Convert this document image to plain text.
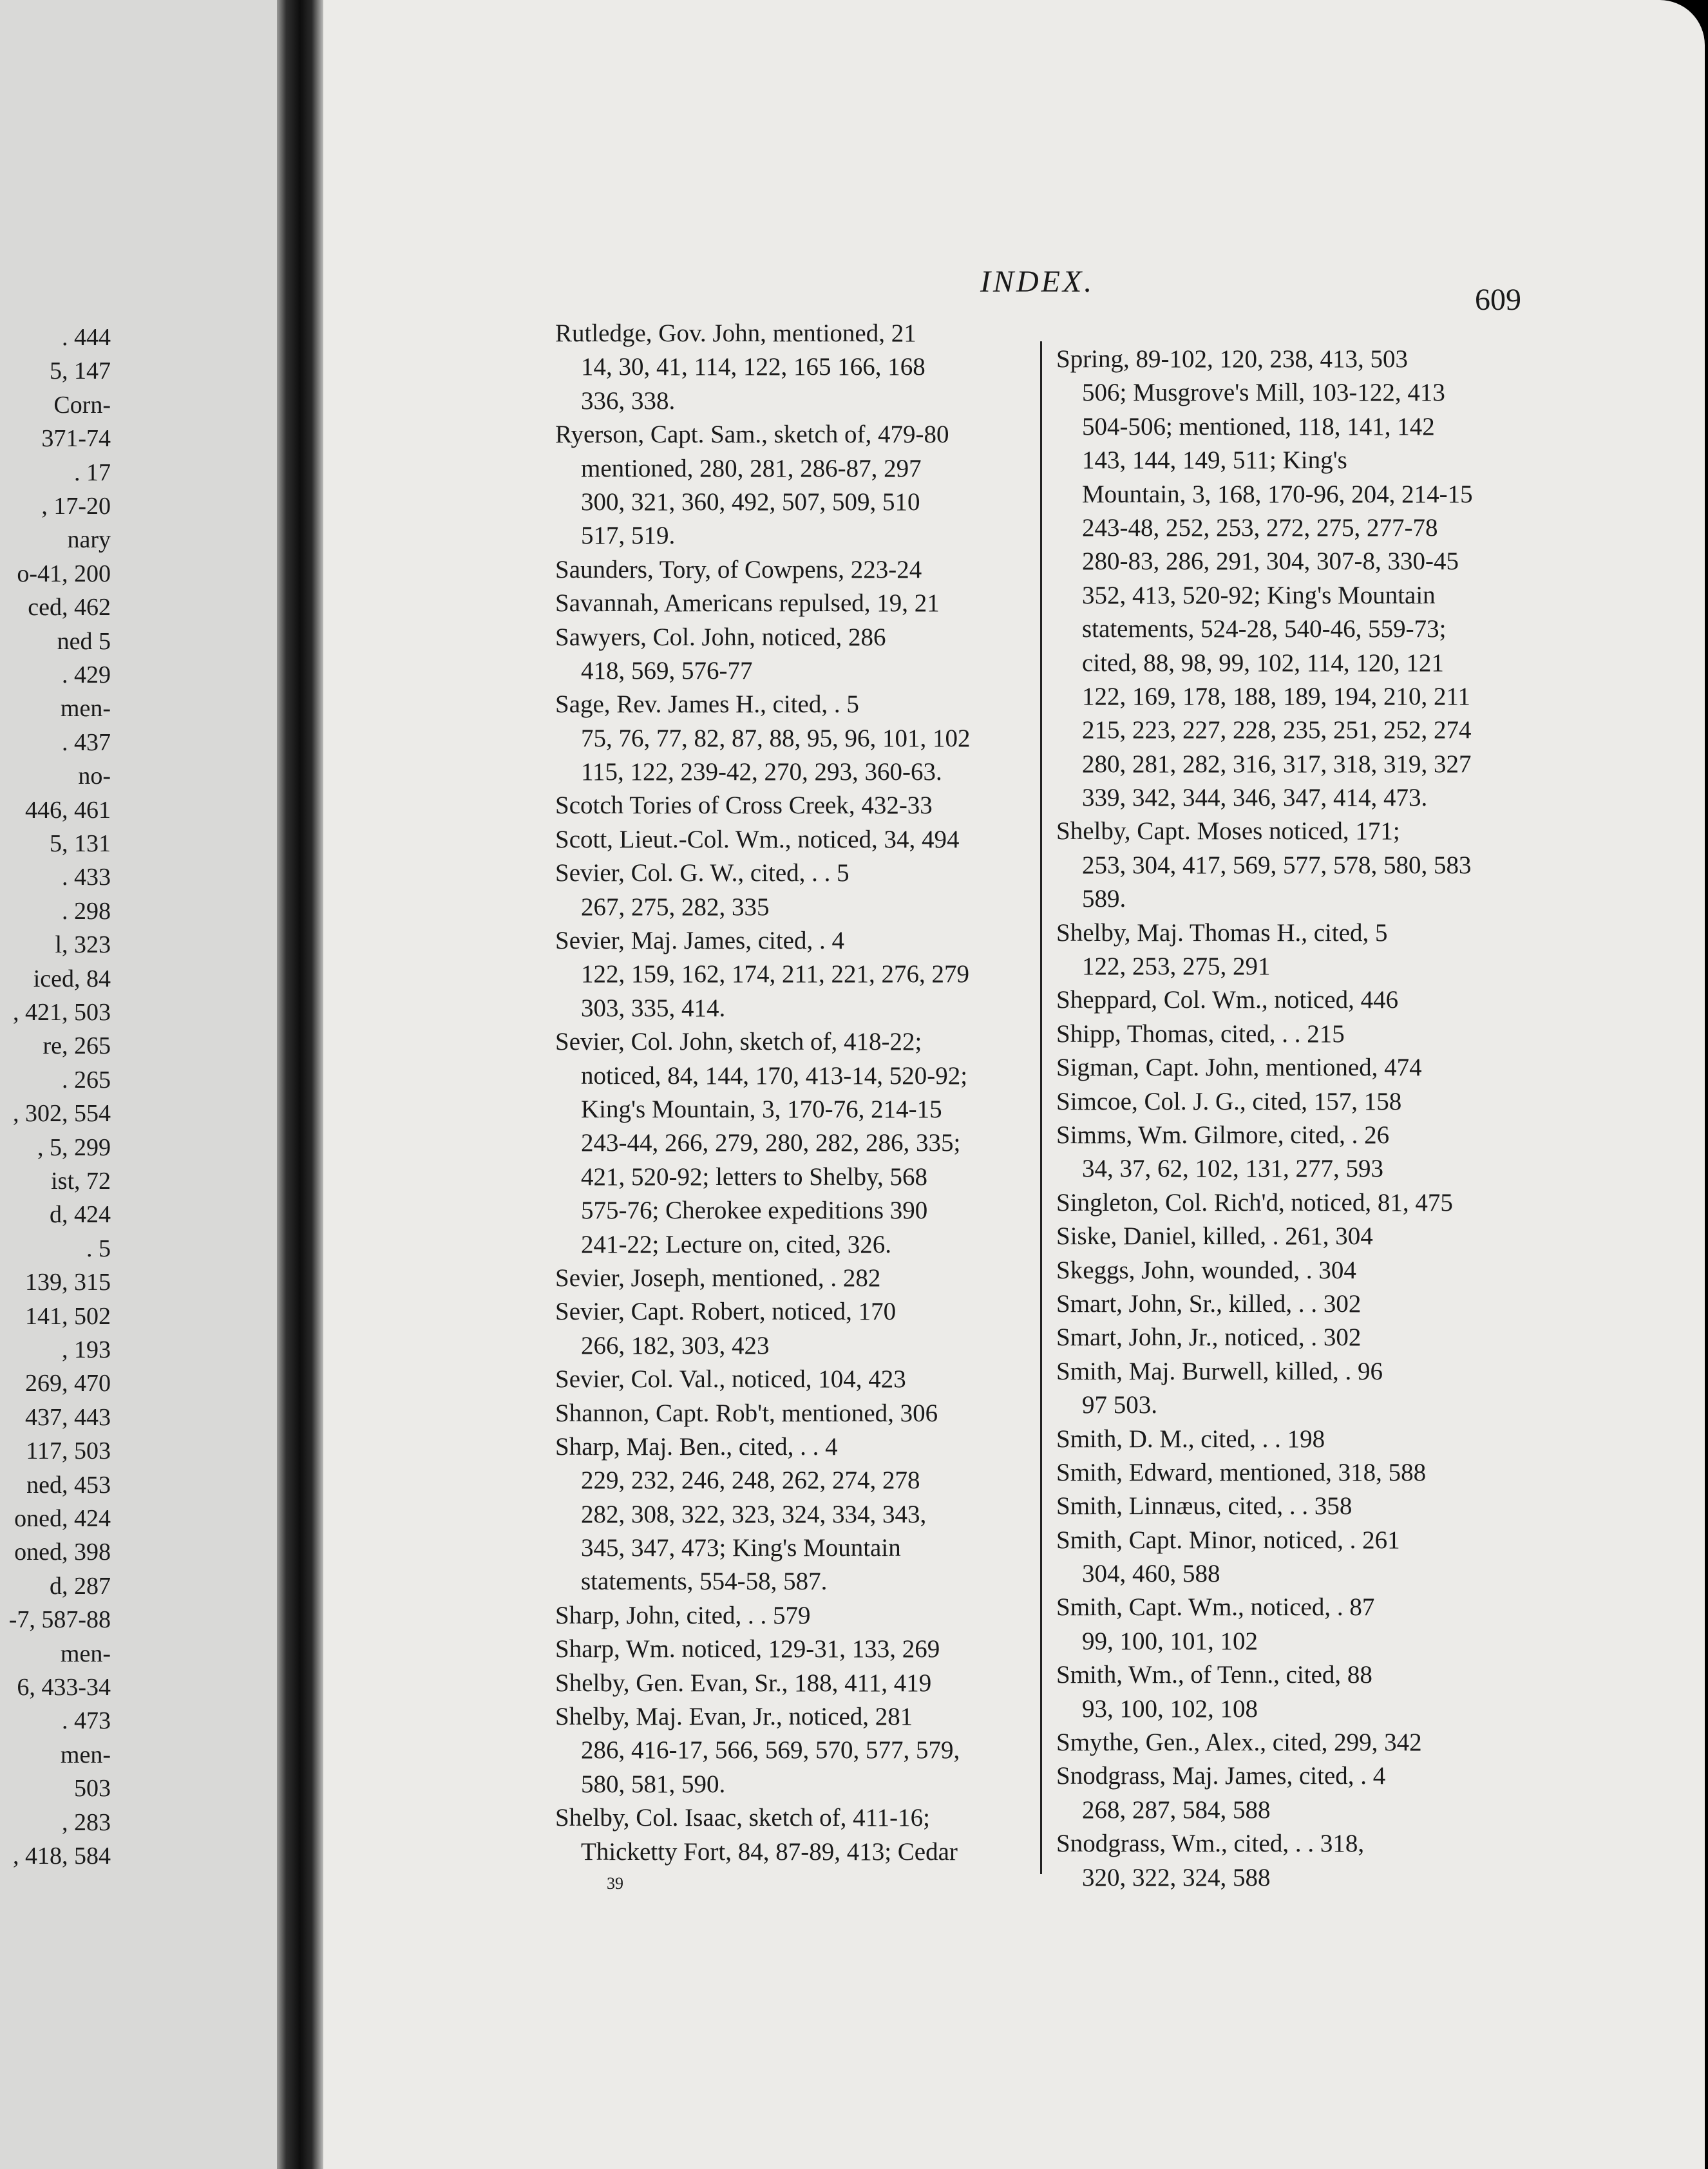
. 444
5, 147
Corn-
371-74
. 17
, 17-20
nary
o-41, 200
ced, 462
ned 5
. 429
men-
. 437
no-
446, 461
5, 131
. 433
. 298
l, 323
iced, 84
, 421, 503
re, 265
. 265
, 302, 554
, 5, 299
ist, 72
d, 424
. 5
139, 315
141, 502
, 193
269, 470
437, 443
117, 503
ned, 453
oned, 424
oned, 398
d, 287
-7, 587-88
men-
6, 433-34
. 473
men-
503
, 283
, 418, 584
INDEX.
609
Rutledge, Gov. John, mentioned, 21
14, 30, 41, 114, 122, 165 166, 168
336, 338.
Ryerson, Capt. Sam., sketch of, 479-80
mentioned, 280, 281, 286-87, 297
300, 321, 360, 492, 507, 509, 510
517, 519.
Saunders, Tory, of Cowpens, 223-24
Savannah, Americans repulsed, 19, 21
Sawyers, Col. John, noticed, 286
418, 569, 576-77
Sage, Rev. James H., cited, . 5
75, 76, 77, 82, 87, 88, 95, 96, 101, 102
115, 122, 239-42, 270, 293, 360-63.
Scotch Tories of Cross Creek, 432-33
Scott, Lieut.-Col. Wm., noticed, 34, 494
Sevier, Col. G. W., cited, . . 5
267, 275, 282, 335
Sevier, Maj. James, cited, . 4
122, 159, 162, 174, 211, 221, 276, 279
303, 335, 414.
Sevier, Col. John, sketch of, 418-22;
noticed, 84, 144, 170, 413-14, 520-92;
King's Mountain, 3, 170-76, 214-15
243-44, 266, 279, 280, 282, 286, 335;
421, 520-92; letters to Shelby, 568
575-76; Cherokee expeditions 390
241-22; Lecture on, cited, 326.
Sevier, Joseph, mentioned, . 282
Sevier, Capt. Robert, noticed, 170
266, 182, 303, 423
Sevier, Col. Val., noticed, 104, 423
Shannon, Capt. Rob't, mentioned, 306
Sharp, Maj. Ben., cited, . . 4
229, 232, 246, 248, 262, 274, 278
282, 308, 322, 323, 324, 334, 343,
345, 347, 473; King's Mountain
statements, 554-58, 587.
Sharp, John, cited, . . 579
Sharp, Wm. noticed, 129-31, 133, 269
Shelby, Gen. Evan, Sr., 188, 411, 419
Shelby, Maj. Evan, Jr., noticed, 281
286, 416-17, 566, 569, 570, 577, 579,
580, 581, 590.
Shelby, Col. Isaac, sketch of, 411-16;
Thicketty Fort, 84, 87-89, 413; Cedar
Spring, 89-102, 120, 238, 413, 503
506; Musgrove's Mill, 103-122, 413
504-506; mentioned, 118, 141, 142
143, 144, 149, 511; King's
Mountain, 3, 168, 170-96, 204, 214-15
243-48, 252, 253, 272, 275, 277-78
280-83, 286, 291, 304, 307-8, 330-45
352, 413, 520-92; King's Mountain
statements, 524-28, 540-46, 559-73;
cited, 88, 98, 99, 102, 114, 120, 121
122, 169, 178, 188, 189, 194, 210, 211
215, 223, 227, 228, 235, 251, 252, 274
280, 281, 282, 316, 317, 318, 319, 327
339, 342, 344, 346, 347, 414, 473.
Shelby, Capt. Moses noticed, 171;
253, 304, 417, 569, 577, 578, 580, 583
589.
Shelby, Maj. Thomas H., cited, 5
122, 253, 275, 291
Sheppard, Col. Wm., noticed, 446
Shipp, Thomas, cited, . . 215
Sigman, Capt. John, mentioned, 474
Simcoe, Col. J. G., cited, 157, 158
Simms, Wm. Gilmore, cited, . 26
34, 37, 62, 102, 131, 277, 593
Singleton, Col. Rich'd, noticed, 81, 475
Siske, Daniel, killed, . 261, 304
Skeggs, John, wounded, . 304
Smart, John, Sr., killed, . . 302
Smart, John, Jr., noticed, . 302
Smith, Maj. Burwell, killed, . 96
97 503.
Smith, D. M., cited, . . 198
Smith, Edward, mentioned, 318, 588
Smith, Linnæus, cited, . . 358
Smith, Capt. Minor, noticed, . 261
304, 460, 588
Smith, Capt. Wm., noticed, . 87
99, 100, 101, 102
Smith, Wm., of Tenn., cited, 88
93, 100, 102, 108
Smythe, Gen., Alex., cited, 299, 342
Snodgrass, Maj. James, cited, . 4
268, 287, 584, 588
Snodgrass, Wm., cited, . . 318,
320, 322, 324, 588
39
